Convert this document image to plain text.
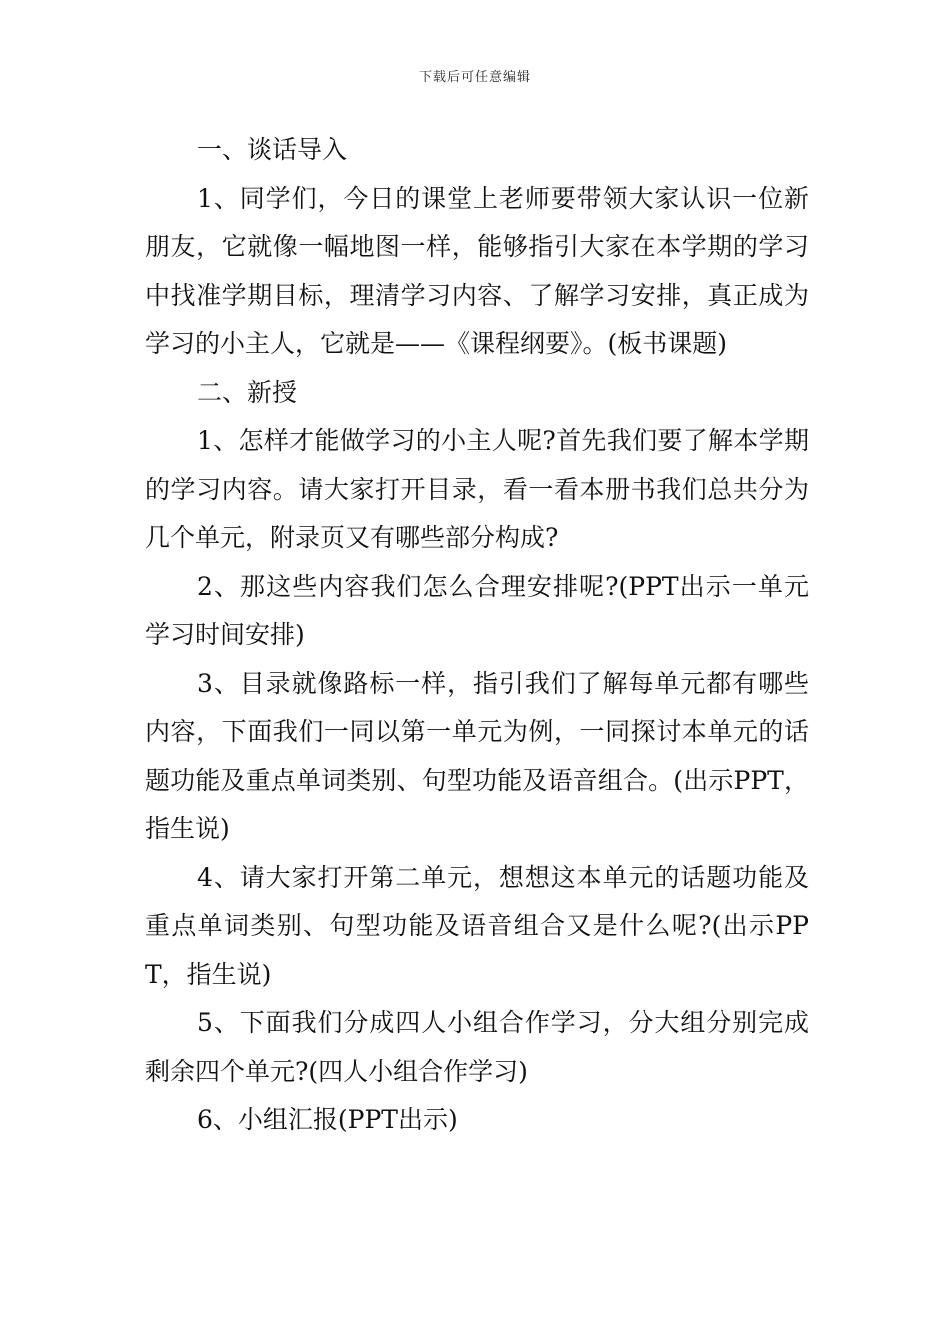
下载后可任意编辑

一、谈话导入

1、同学们，今日的课堂上老师要带领大家认识一位新朋友，它就像一幅地图一样，能够指引大家在本学期的学习中找准学期目标，理清学习内容、了解学习安排，真正成为学习的小主人，它就是——《课程纲要》。(板书课题)

二、新授

1、怎样才能做学习的小主人呢?首先我们要了解本学期的学习内容。请大家打开目录，看一看本册书我们总共分为几个单元，附录页又有哪些部分构成?

2、那这些内容我们怎么合理安排呢?(PPT出示一单元学习时间安排)

3、目录就像路标一样，指引我们了解每单元都有哪些内容，下面我们一同以第一单元为例，一同探讨本单元的话题功能及重点单词类别、句型功能及语音组合。(出示PPT，指生说)

4、请大家打开第二单元，想想这本单元的话题功能及重点单词类别、句型功能及语音组合又是什么呢?(出示PPT，指生说)

5、下面我们分成四人小组合作学习，分大组分别完成剩余四个单元?(四人小组合作学习)

6、小组汇报(PPT出示)
